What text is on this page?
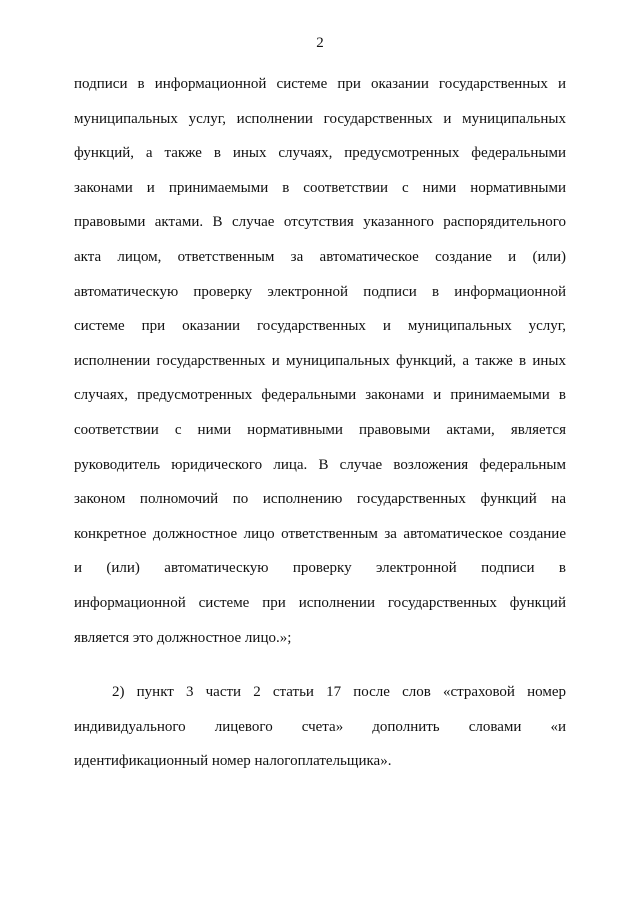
2
подписи в информационной системе при оказании государственных и
муниципальных услуг, исполнении государственных и муниципальных
функций, а также в иных случаях, предусмотренных федеральными
законами и принимаемыми в соответствии с ними нормативными
правовыми актами. В случае отсутствия указанного распорядительного
акта лицом, ответственным за автоматическое создание и (или)
автоматическую проверку электронной подписи в информационной
системе при оказании государственных и муниципальных услуг,
исполнении государственных и муниципальных функций, а также в иных
случаях, предусмотренных федеральными законами и принимаемыми в
соответствии с ними нормативными правовыми актами, является
руководитель юридического лица. В случае возложения федеральным
законом полномочий по исполнению государственных функций на
конкретное должностное лицо ответственным за автоматическое создание
и (или) автоматическую проверку электронной подписи в
информационной системе при исполнении государственных функций
является это должностное лицо.»;
2) пункт 3 части 2 статьи 17 после слов «страховой номер
индивидуального лицевого счета» дополнить словами «и
идентификационный номер налогоплательщика».
